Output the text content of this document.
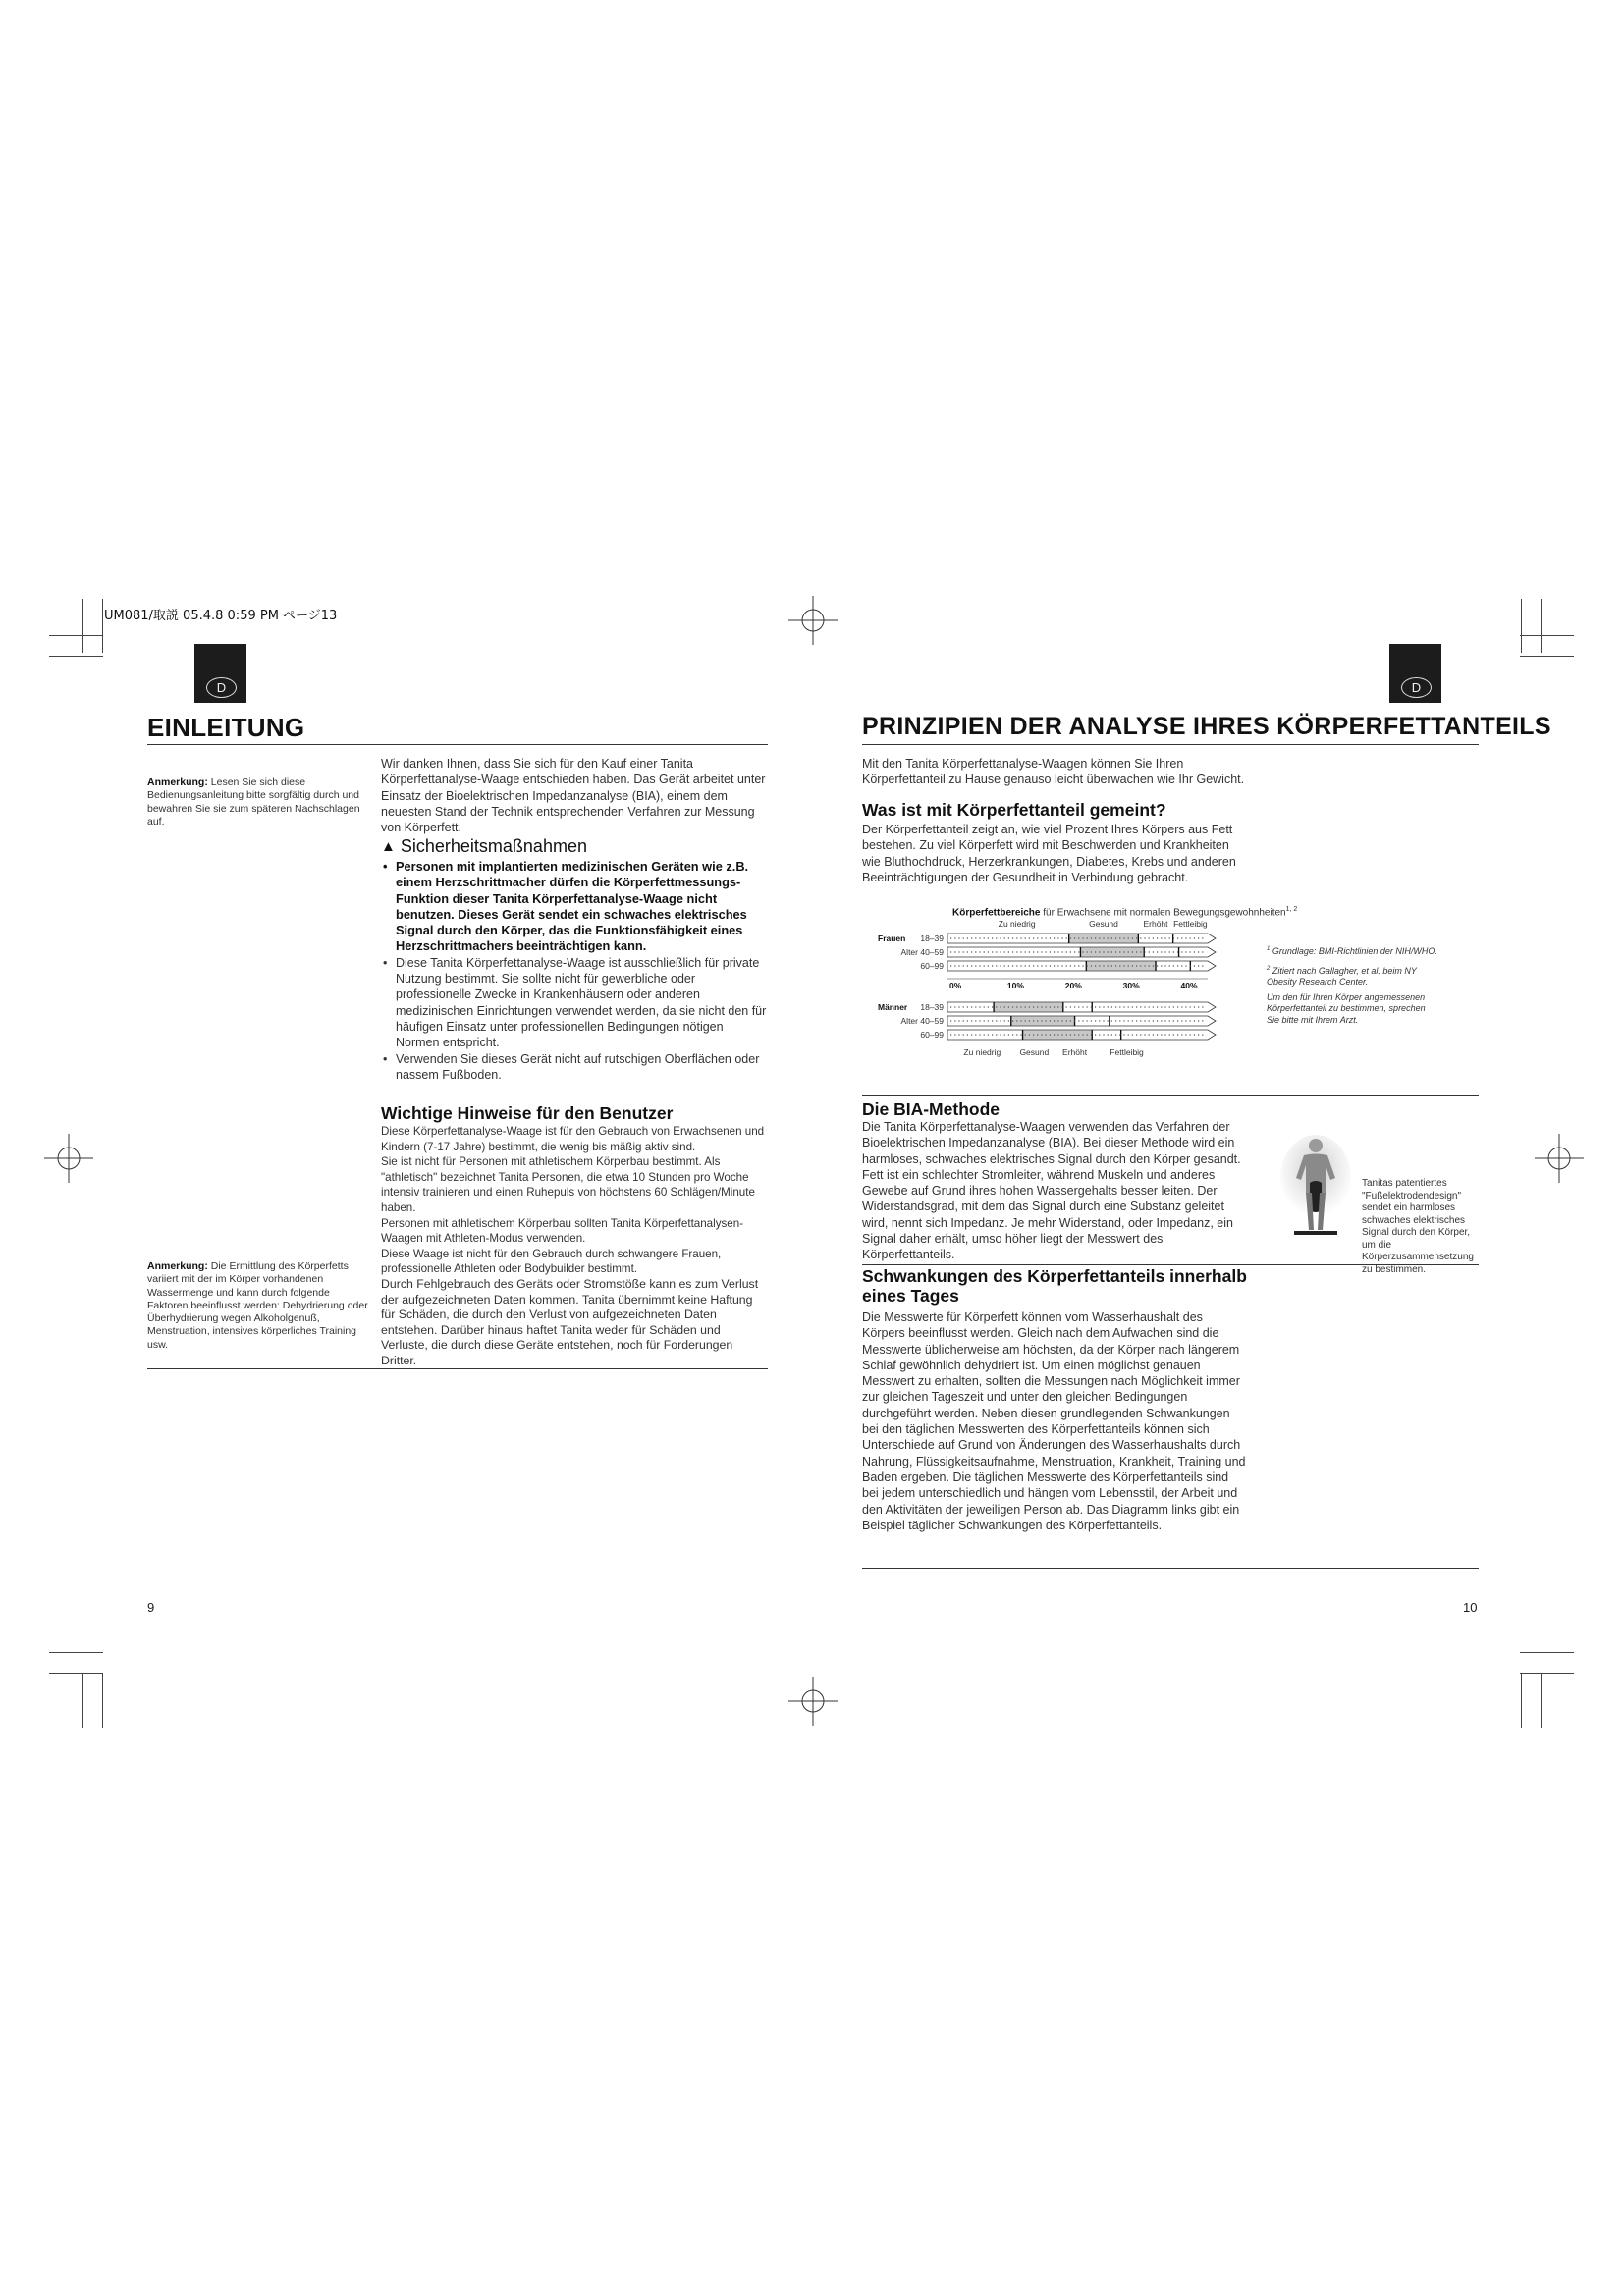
UM081/取説 05.4.8 0:59 PM ページ13
D
EINLEITUNG
Anmerkung: Lesen Sie sich diese Bedienungsanleitung bitte sorgfältig durch und bewahren Sie sie zum späteren Nachschlagen auf.
Wir danken Ihnen, dass Sie sich für den Kauf einer Tanita Körperfettanalyse-Waage entschieden haben. Das Gerät arbeitet unter Einsatz der Bioelektrischen Impedanzanalyse (BIA), einem dem neuesten Stand der Technik entsprechenden Verfahren zur Messung von Körperfett.
▲ Sicherheitsmaßnahmen
• Personen mit implantierten medizinischen Geräten wie z.B. einem Herzschrittmacher dürfen die Körperfettmessungs-Funktion dieser Tanita Körperfettanalyse-Waage nicht benutzen. Dieses Gerät sendet ein schwaches elektrisches Signal durch den Körper, das die Funktionsfähigkeit eines Herzschrittmachers beeinträchtigen kann.
• Diese Tanita Körperfettanalyse-Waage ist ausschließlich für private Nutzung bestimmt. Sie sollte nicht für gewerbliche oder professionelle Zwecke in Krankenhäusern oder anderen medizinischen Einrichtungen verwendet werden, da sie nicht den für häufigen Einsatz unter professionellen Bedingungen nötigen Normen entspricht.
• Verwenden Sie dieses Gerät nicht auf rutschigen Oberflächen oder nassem Fußboden.
Wichtige Hinweise für den Benutzer

Diese Körperfettanalyse-Waage ist für den Gebrauch von Erwachsenen und Kindern (7-17 Jahre) bestimmt, die wenig bis mäßig aktiv sind.

Sie ist nicht für Personen mit athletischem Körperbau bestimmt. Als "athletisch" bezeichnet Tanita Personen, die etwa 10 Stunden pro Woche intensiv trainieren und einen Ruhepuls von höchstens 60 Schlägen/Minute haben.

Personen mit athletischem Körperbau sollten Tanita Körperfettanalysen-Waagen mit Athleten-Modus verwenden.

Diese Waage ist nicht für den Gebrauch durch schwangere Frauen, professionelle Athleten oder Bodybuilder bestimmt.

Durch Fehlgebrauch des Geräts oder Stromstöße kann es zum Verlust der aufgezeichneten Daten kommen. Tanita übernimmt keine Haftung für Schäden, die durch den Verlust von aufgezeichneten Daten entstehen. Darüber hinaus haftet Tanita weder für Schäden und Verluste, die durch diese Geräte entstehen, noch für Forderungen Dritter.

Anmerkung: Die Ermittlung des Körperfetts variiert mit der im Körper vorhandenen Wassermenge und kann durch folgende Faktoren beeinflusst werden: Dehydrierung oder Überhydrierung wegen Alkoholgenuß, Menstruation, intensives körperliches Training usw.
9
D
PRINZIPIEN DER ANALYSE IHRES KÖRPERFETTANTEILS
Mit den Tanita Körperfettanalyse-Waagen können Sie Ihren Körperfettanteil zu Hause genauso leicht überwachen wie Ihr Gewicht.
Was ist mit Körperfettanteil gemeint?
Der Körperfettanteil zeigt an, wie viel Prozent Ihres Körpers aus Fett bestehen. Zu viel Körperfett wird mit Beschwerden und Krankheiten wie Bluthochdruck, Herzerkrankungen, Diabetes, Krebs und anderen Beeinträchtigungen der Gesundheit in Verbindung gebracht.
Körperfettbereiche für Erwachsene mit normalen Bewegungsgewohnheiten$^{1, 2}$
Zu niedrig	Gesund	Erhöht Fettleibig
18–39
Alter 40–59
60–99
18–39
Alter 40–59
60–99
Frauen
Männer
0%	10%	20%	30%	40%
Zu niedrig Gesund Erhöht	Fettleibig
$^1$ Grundlage: BMI-Richtlinien der NIH/WHO.
$^2$ Zitiert nach Gallagher, et al. beim NY Obesity Research Center.
Um den für Ihren Körper angemessenen Körperfettanteil zu bestimmen, sprechen Sie bitte mit Ihrem Arzt.
Die BIA-Methode
Die Tanita Körperfettanalyse-Waagen verwenden das Verfahren der Bioelektrischen Impedanzanalyse (BIA). Bei dieser Methode wird ein harmloses, schwaches elektrisches Signal durch den Körper gesandt. Fett ist ein schlechter Stromleiter, während Muskeln und anderes Gewebe auf Grund ihres hohen Wassergehalts besser leiten. Der Widerstandsgrad, mit dem das Signal durch eine Substanz geleitet wird, nennt sich Impedanz. Je mehr Widerstand, oder Impedanz, ein Signal daher erhält, umso höher liegt der Messwert des Körperfettanteils.
Tanitas patentiertes "Fußelektrodendesign" sendet ein harmloses schwaches elektrisches Signal durch den Körper, um die Körperzusammensetzung zu bestimmen.
Schwankungen des Körperfettanteils innerhalb eines Tages
Die Messwerte für Körperfett können vom Wasserhaushalt des Körpers beeinflusst werden. Gleich nach dem Aufwachen sind die Messwerte üblicherweise am höchsten, da der Körper nach längerem Schlaf gewöhnlich dehydriert ist. Um einen möglichst genauen Messwert zu erhalten, sollten die Messungen nach Möglichkeit immer zur gleichen Tageszeit und unter den gleichen Bedingungen durchgeführt werden. Neben diesen grundlegenden Schwankungen bei den täglichen Messwerten des Körperfettanteils können sich Unterschiede auf Grund von Änderungen des Wasserhaushalts durch Nahrung, Flüssigkeitsaufnahme, Menstruation, Krankheit, Training und Baden ergeben. Die täglichen Messwerte des Körperfettanteils sind bei jedem unterschiedlich und hängen vom Lebensstil, der Arbeit und den Aktivitäten der jeweiligen Person ab. Das Diagramm links gibt ein Beispiel täglicher Schwankungen des Körperfettanteils.
10
